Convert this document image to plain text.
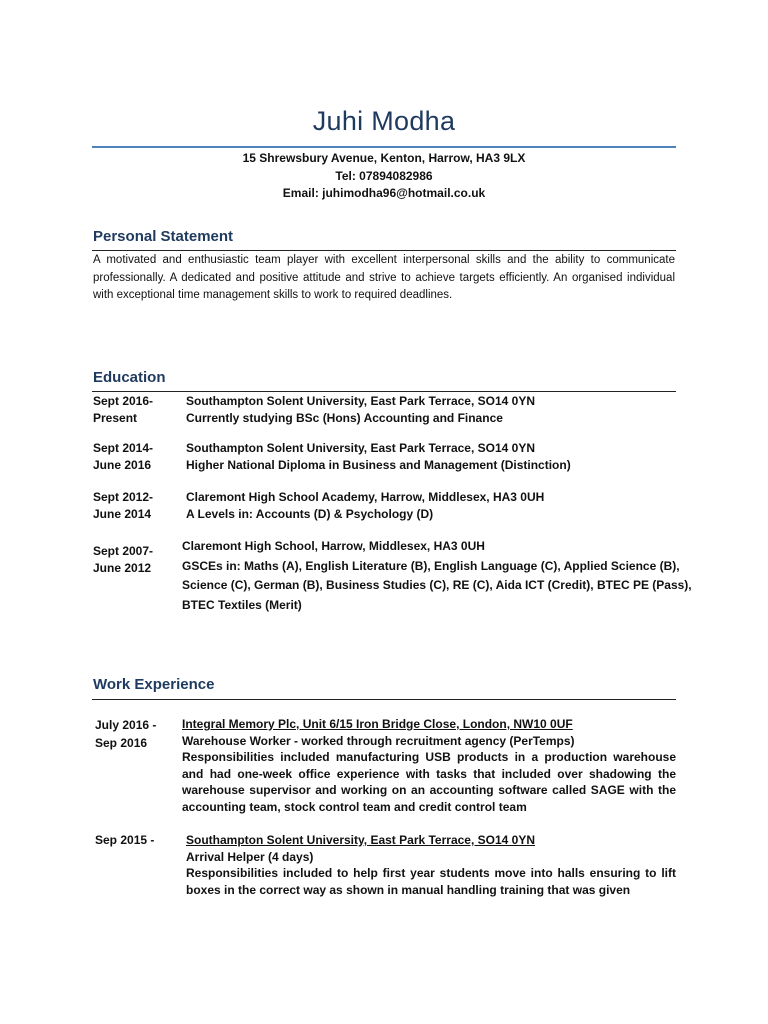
Juhi Modha
15 Shrewsbury Avenue, Kenton, Harrow, HA3 9LX
Tel: 07894082986
Email: juhimodha96@hotmail.co.uk
Personal Statement
A motivated and enthusiastic team player with excellent interpersonal skills and the ability to communicate professionally. A dedicated and positive attitude and strive to achieve targets efficiently. An organised individual with exceptional time management skills to work to required deadlines.
Education
Sept 2016-
Present
Southampton Solent University, East Park Terrace, SO14 0YN
Currently studying BSc (Hons) Accounting and Finance
Sept 2014-
June 2016
Southampton Solent University, East Park Terrace, SO14 0YN
Higher National Diploma in Business and Management (Distinction)
Sept 2012-
June 2014
Claremont High School Academy, Harrow, Middlesex, HA3 0UH
A Levels in: Accounts (D) & Psychology (D)
Sept 2007-
June 2012
Claremont High School, Harrow, Middlesex, HA3 0UH
GSCEs in: Maths (A), English Literature (B), English Language (C), Applied Science (B),
Science (C), German (B), Business Studies (C), RE (C), Aida ICT (Credit), BTEC PE (Pass),
BTEC Textiles (Merit)
Work Experience
July 2016 -
Sep 2016
Integral Memory Plc, Unit 6/15 Iron Bridge Close, London, NW10 0UF
Warehouse Worker - worked through recruitment agency (PerTemps)
Responsibilities included manufacturing USB products in a production warehouse and had one-week office experience with tasks that included over shadowing the warehouse supervisor and working on an accounting software called SAGE with the accounting team, stock control team and credit control team
Sep 2015 -	Southampton Solent University, East Park Terrace, SO14 0YN
Arrival Helper (4 days)
Responsibilities included to help first year students move into halls ensuring to lift boxes in the correct way as shown in manual handling training that was given
